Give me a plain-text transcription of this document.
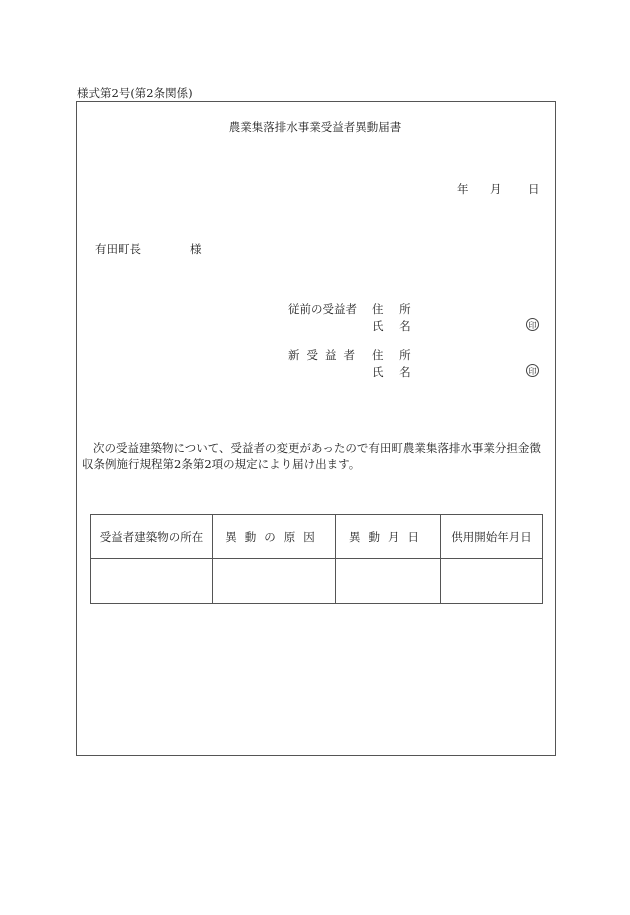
様式第2号(第2条関係)
農業集落排水事業受益者異動届書
年 月 日
有田町長	様
従前の受益者 住 所
氏 名	印
新受益者 住 所
氏 名	印
次の受益建築物について、受益者の変更があったので有田町農業集落排水事業分担金徴収条例施行規程第2条第2項の規定により届け出ます。
受益者建築物の所在	異動の原因	異動月日	供用開始年月日
